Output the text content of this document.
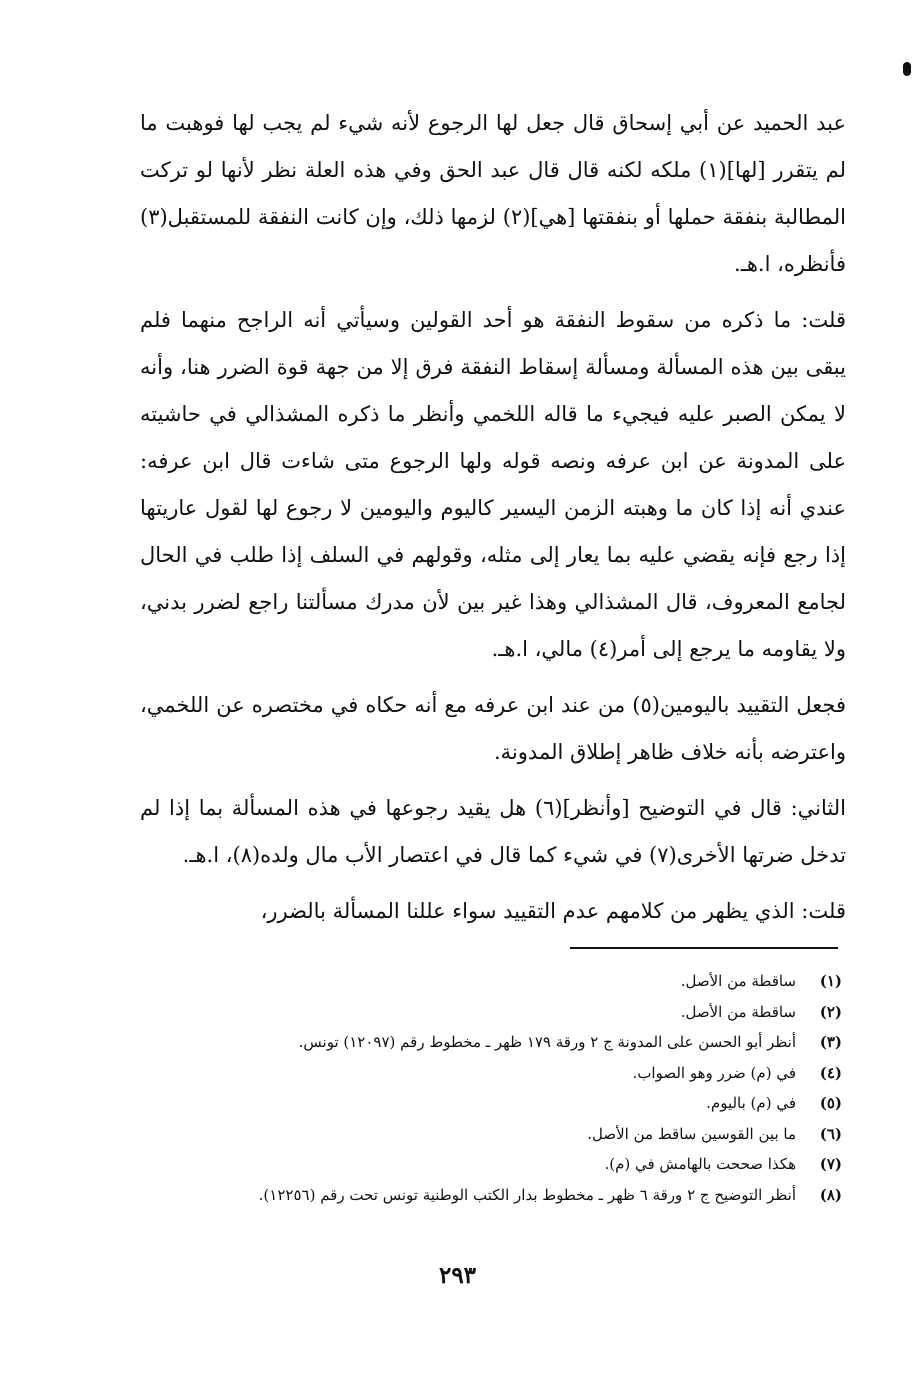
عبد الحميد عن أبي إسحاق قال جعل لها الرجوع لأنه شيء لم يجب لها فوهبت ما لم يتقرر [لها](١) ملكه لكنه قال قال عبد الحق وفي هذه العلة نظر لأنها لو تركت المطالبة بنفقة حملها أو بنفقتها [هي](٢) لزمها ذلك، وإن كانت النفقة للمستقبل(٣) فأنظره، ا.هـ.

قلت: ما ذكره من سقوط النفقة هو أحد القولين وسيأتي أنه الراجح منهما فلم يبقى بين هذه المسألة ومسألة إسقاط النفقة فرق إلا من جهة قوة الضرر هنا، وأنه لا يمكن الصبر عليه فيجيء ما قاله اللخمي وأنظر ما ذكره المشذالي في حاشيته على المدونة عن ابن عرفه ونصه قوله ولها الرجوع متى شاءت قال ابن عرفه: عندي أنه إذا كان ما وهبته الزمن اليسير كاليوم واليومين لا رجوع لها لقول عاريتها إذا رجع فإنه يقضي عليه بما يعار إلى مثله، وقولهم في السلف إذا طلب في الحال لجامع المعروف، قال المشذالي وهذا غير بين لأن مدرك مسألتنا راجع لضرر بدني، ولا يقاومه ما يرجع إلى أمر(٤) مالي، ا.هـ.

فجعل التقييد باليومين(٥) من عند ابن عرفه مع أنه حكاه في مختصره عن اللخمي، واعترضه بأنه خلاف ظاهر إطلاق المدونة.

الثاني: قال في التوضيح [وأنظر](٦) هل يقيد رجوعها في هذه المسألة بما إذا لم تدخل ضرتها الأخرى(٧) في شيء كما قال في اعتصار الأب مال ولده(٨)، ا.هـ.

قلت: الذي يظهر من كلامهم عدم التقييد سواء عللنا المسألة بالضرر،

(١)
ساقطة من الأصل.
(٢)
ساقطة من الأصل.
(٣)
أنظر أبو الحسن على المدونة ج ٢ ورقة ١٧٩ ظهر ـ مخطوط رقم (١٢٠٩٧) تونس.
(٤)
في (م) ضرر وهو الصواب.
(٥)
في (م) باليوم.
(٦)
ما بين القوسين ساقط من الأصل.
(٧)
هكذا صححت بالهامش في (م).
(٨)
أنظر التوضيح ج ٢ ورقة ٦ ظهر ـ مخطوط بدار الكتب الوطنية تونس تحت رقم (١٢٢٥٦).
٢٩٣
